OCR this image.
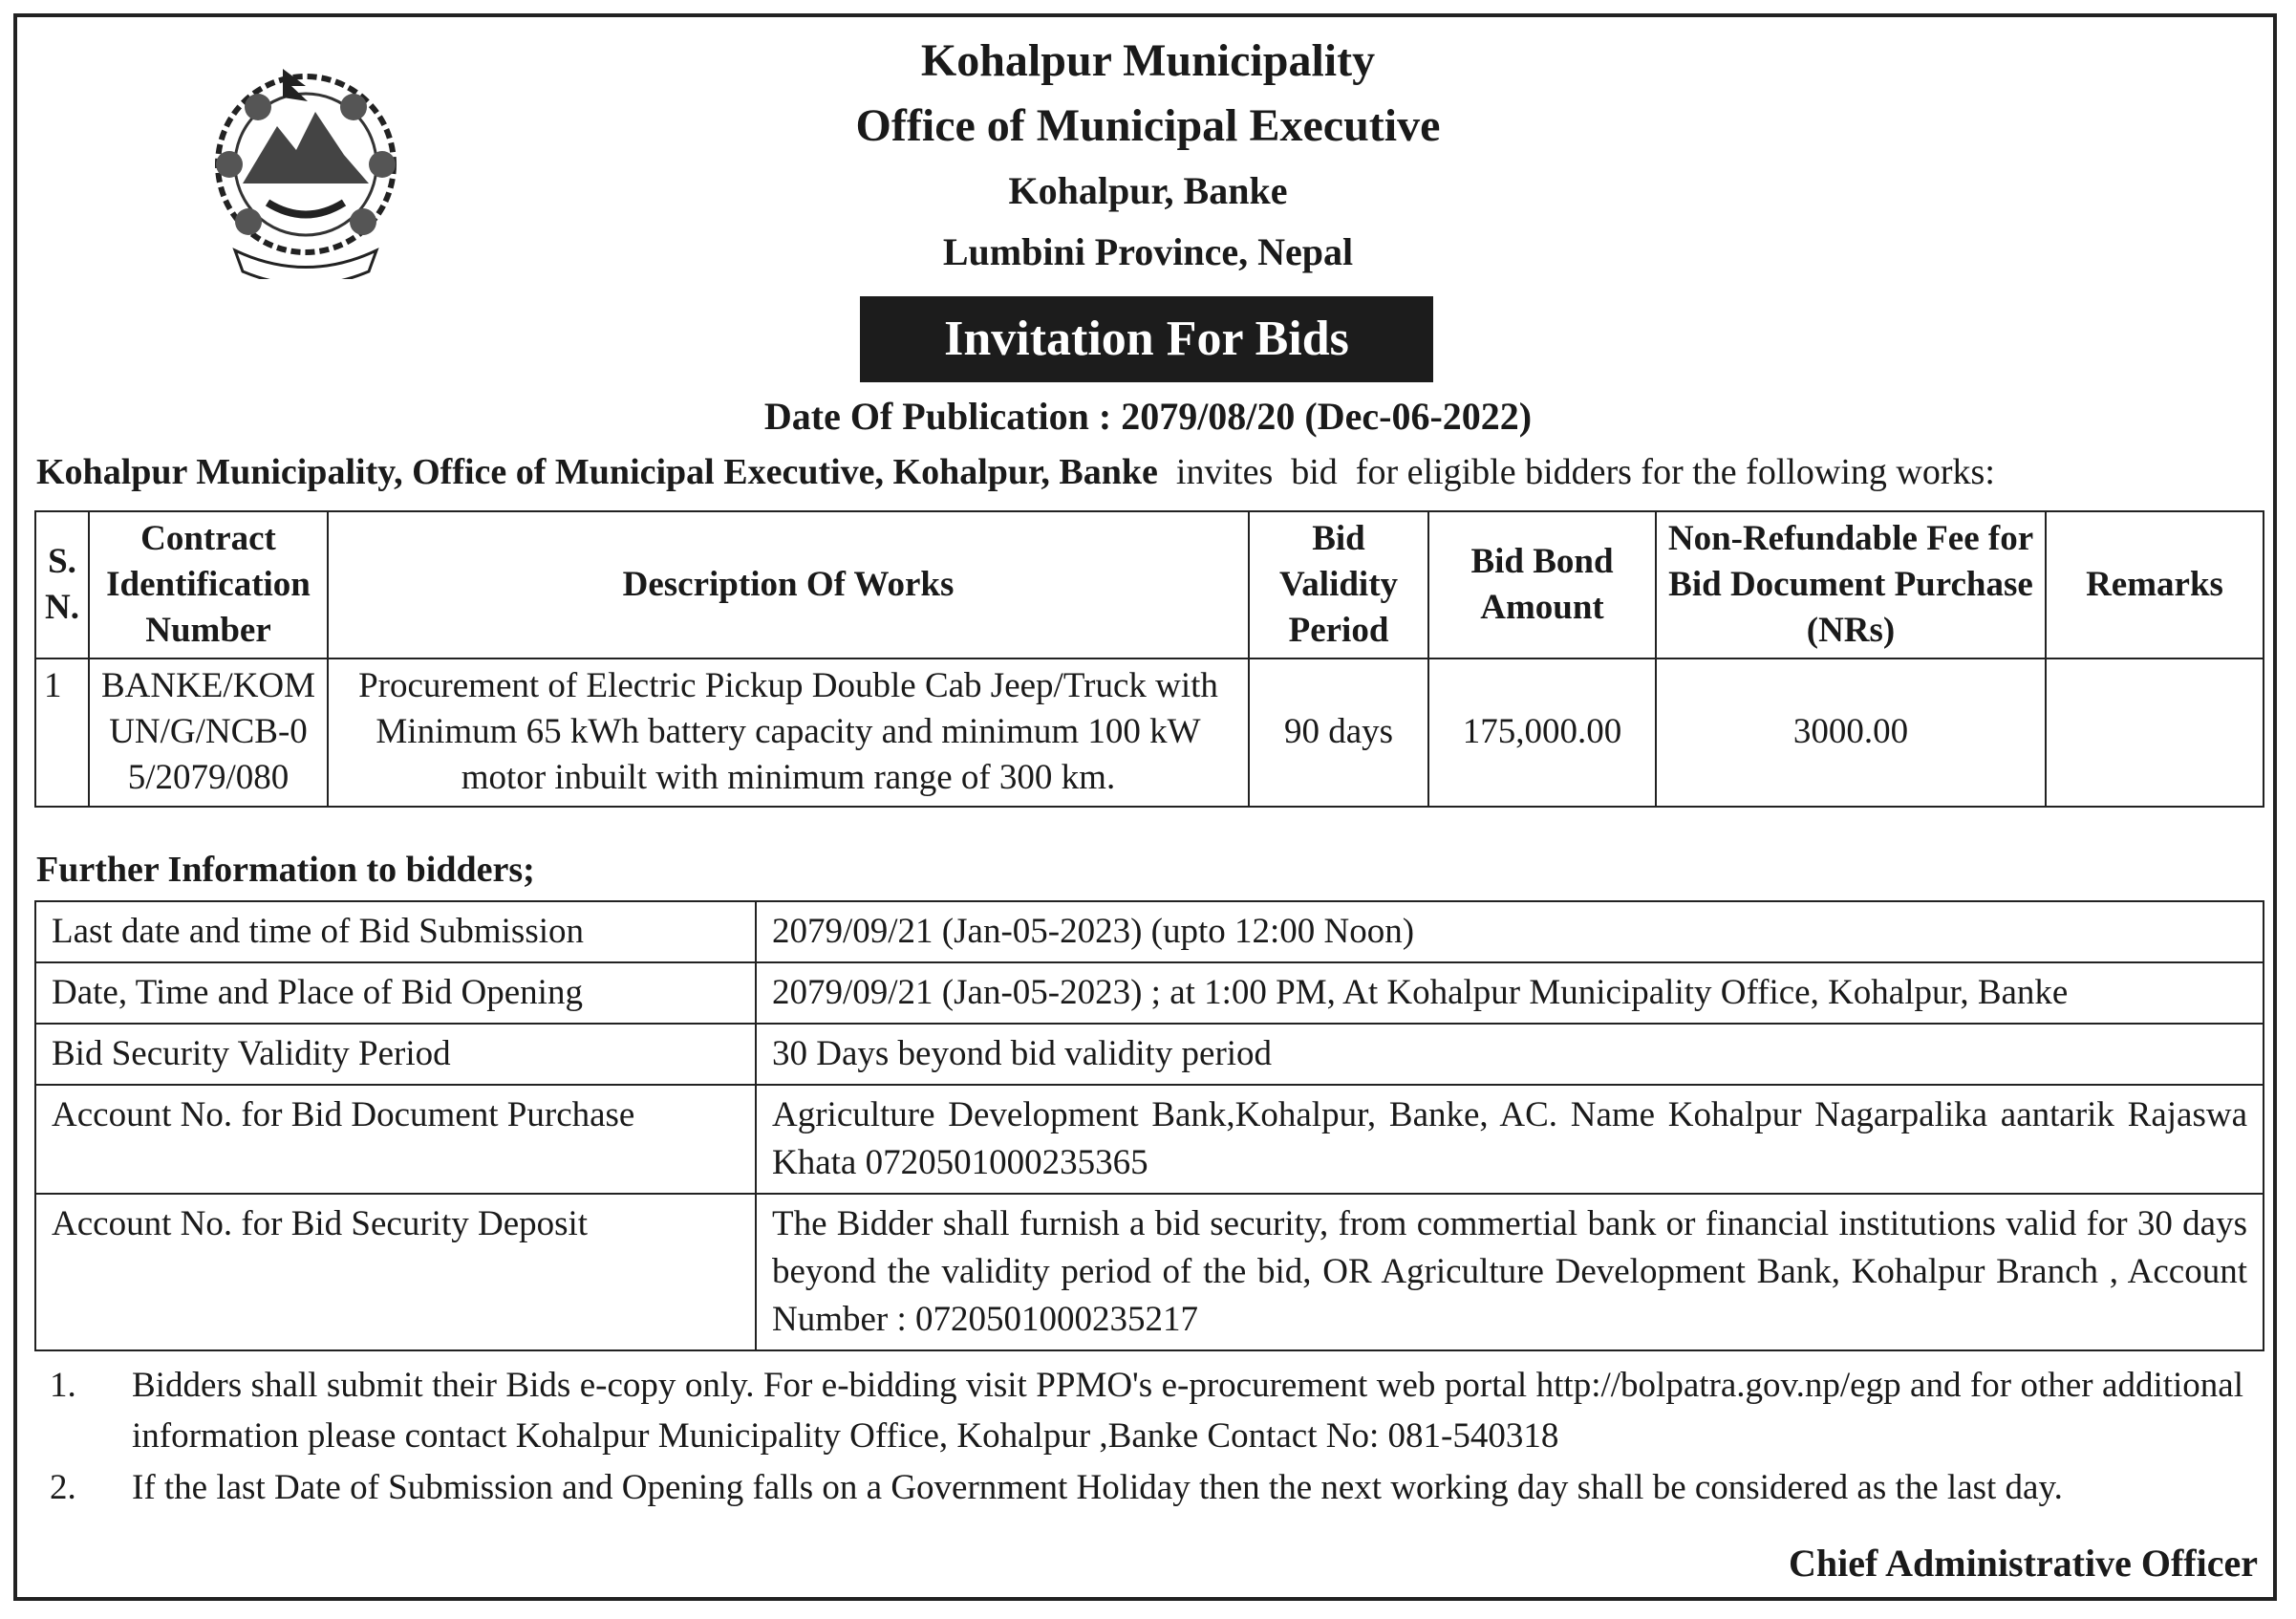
Kohalpur Municipality
Office of Municipal Executive
Kohalpur, Banke
Lumbini Province, Nepal
Invitation For Bids
Date Of Publication : 2079/08/20 (Dec-06-2022)
Kohalpur Municipality, Office of Municipal Executive, Kohalpur, Banke  invites  bid  for eligible bidders for the following works:
S. N.	Contract Identification Number	Description Of Works	Bid Validity Period	Bid Bond Amount	Non-Refundable Fee for Bid Document Purchase (NRs)	Remarks
1	BANKE/KOMUN/G/NCB-05/2079/080	Procurement of Electric Pickup Double Cab Jeep/Truck with Minimum 65 kWh battery capacity and minimum 100 kW motor inbuilt with minimum range of 300 km.	90 days	175,000.00	3000.00	
Further Information to bidders;
Last date and time of Bid Submission	2079/09/21 (Jan-05-2023) (upto 12:00 Noon)
Date, Time and Place of Bid Opening	2079/09/21 (Jan-05-2023) ; at 1:00 PM, At Kohalpur Municipality Office, Kohalpur, Banke
Bid Security Validity Period	30 Days beyond bid validity period
Account No. for Bid Document Purchase	Agriculture Development Bank,Kohalpur, Banke, AC. Name Kohalpur Nagarpalika aantarik Rajaswa Khata 0720501000235365
Account No. for Bid Security Deposit	The Bidder shall furnish a bid security, from commertial bank or financial institutions valid for 30 days beyond the validity period of the bid, OR Agriculture Development Bank, Kohalpur Branch , Account Number : 0720501000235217
1. Bidders shall submit their Bids e-copy only. For e-bidding visit PPMO's e-procurement web portal http://bolpatra.gov.np/egp and for other additional information please contact Kohalpur Municipality Office, Kohalpur ,Banke Contact No: 081-540318
2. If the last Date of Submission and Opening falls on a Government Holiday then the next working day shall be considered as the last day.
Chief Administrative Officer
